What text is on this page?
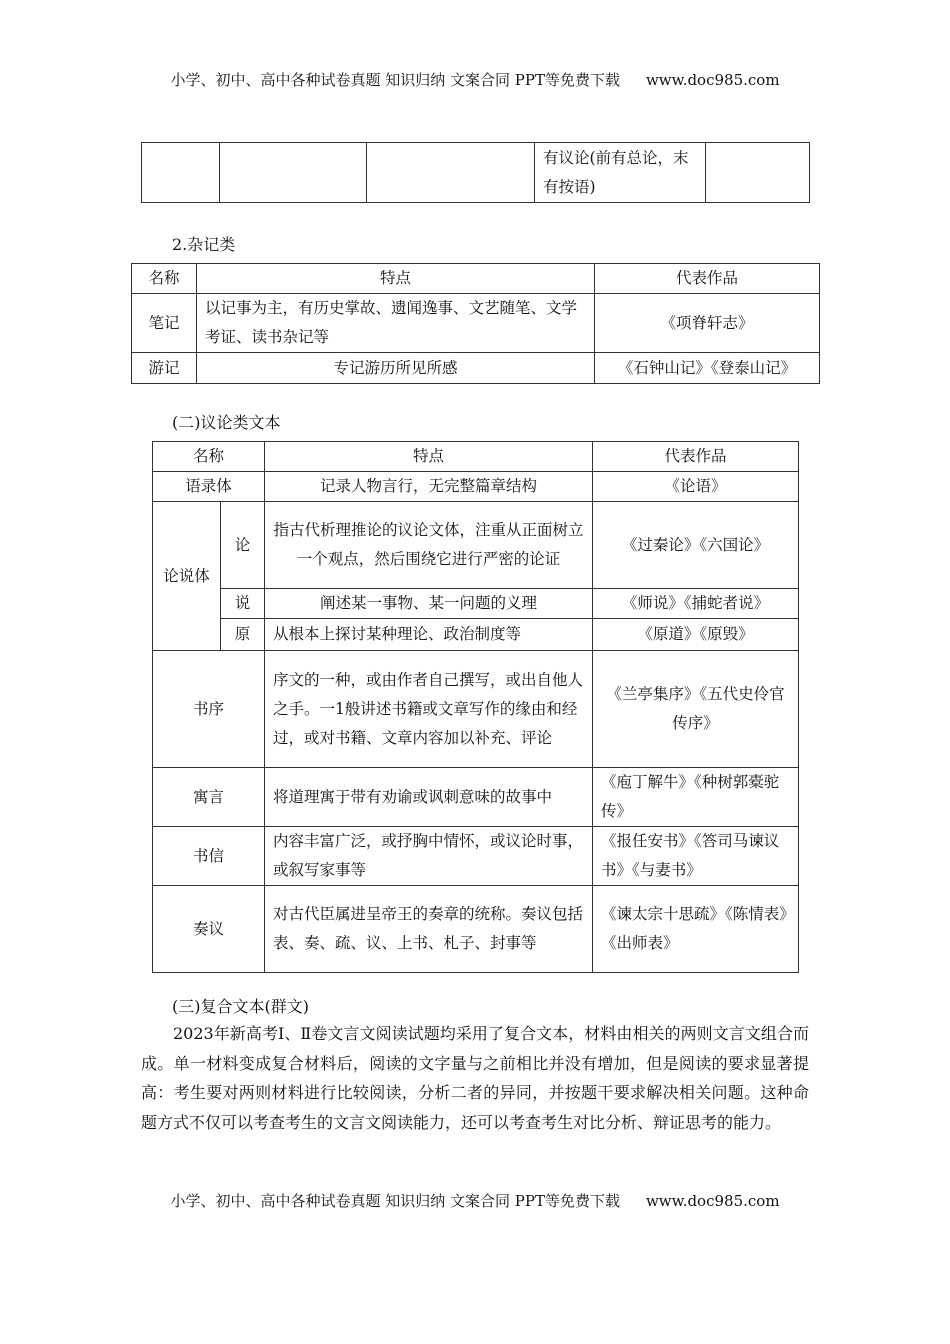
小学、初中、高中各种试卷真题 知识归纳 文案合同 PPT等免费下载 www.doc985.com
			有议论(前有总论，末有按语)	
2.杂记类
名称	特点	代表作品
笔记	以记事为主，有历史掌故、遗闻逸事、文艺随笔、文学考证、读书杂记等	《项脊轩志》
游记	专记游历所见所感	《石钟山记》《登泰山记》
(二)议论类文本
名称		特点	代表作品
语录体		记录人物言行，无完整篇章结构	《论语》
论说体	论	指古代析理推论的议论文体，注重从正面树立一个观点，然后围绕它进行严密的论证	《过秦论》《六国论》
	说	阐述某一事物、某一问题的义理	《师说》《捕蛇者说》
	原	从根本上探讨某种理论、政治制度等	《原道》《原毁》
书序		序文的一种，或由作者自己撰写，或出自他人之手。一1般讲述书籍或文章写作的缘由和经过，或对书籍、文章内容加以补充、评论	《兰亭集序》《五代史伶官传序》
寓言		将道理寓于带有劝谕或讽刺意味的故事中	《庖丁解牛》《种树郭橐驼传》
书信		内容丰富广泛，或抒胸中情怀，或议论时事，或叙写家事等	《报任安书》《答司马谏议书》《与妻书》
奏议		对古代臣属进呈帝王的奏章的统称。奏议包括表、奏、疏、议、上书、札子、封事等	《谏太宗十思疏》《陈情表》《出师表》
(三)复合文本(群文)
2023年新高考Ⅰ、Ⅱ卷文言文阅读试题均采用了复合文本，材料由相关的两则文言文组合而成。单一材料变成复合材料后，阅读的文字量与之前相比并没有增加，但是阅读的要求显著提高：考生要对两则材料进行比较阅读，分析二者的异同，并按题干要求解决相关问题。这种命题方式不仅可以考查考生的文言文阅读能力，还可以考查考生对比分析、辩证思考的能力。
小学、初中、高中各种试卷真题 知识归纳 文案合同 PPT等免费下载 www.doc985.com
